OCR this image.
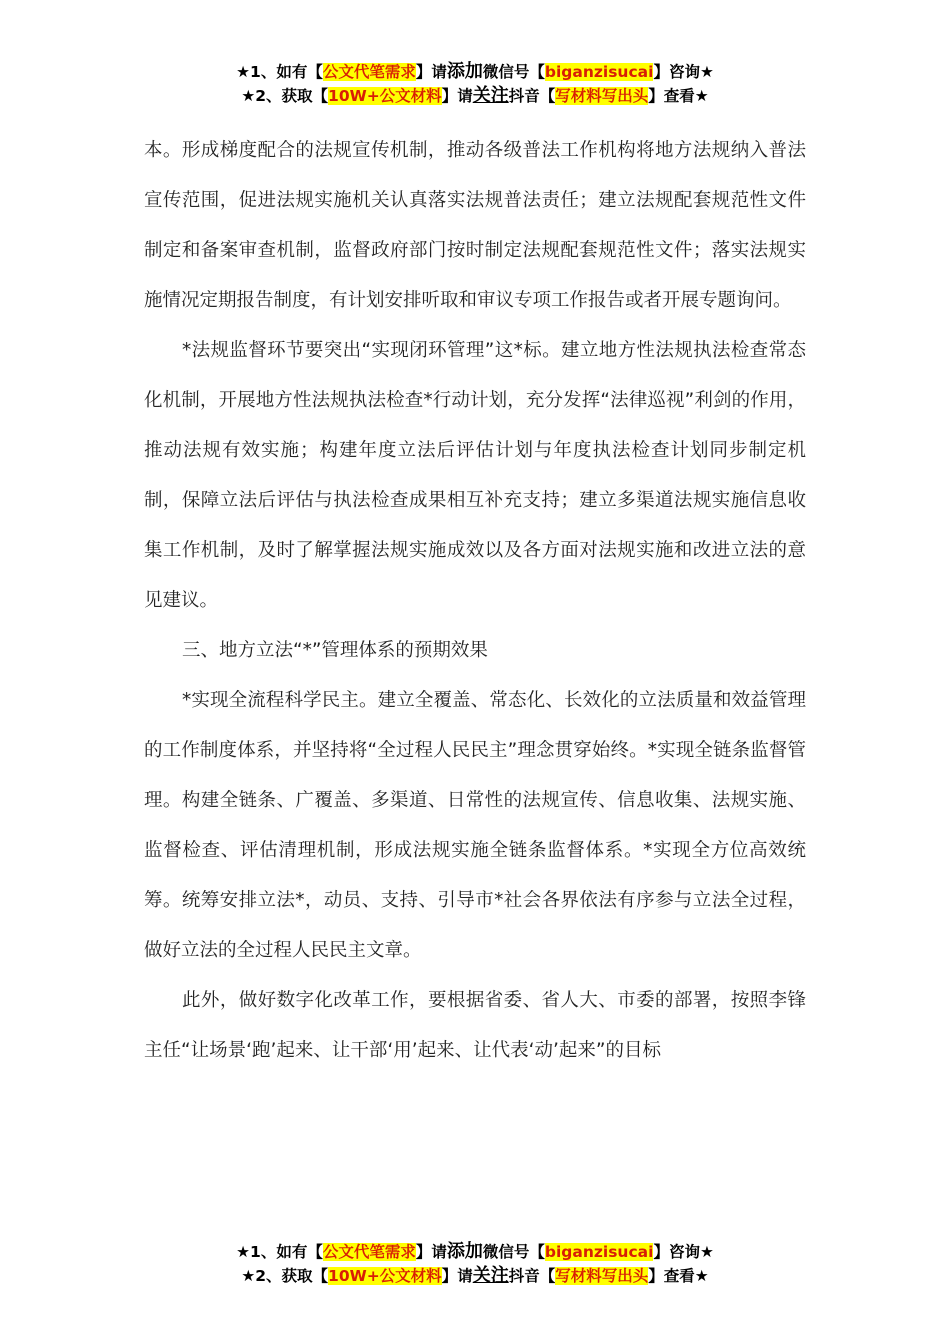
★1、如有【公文代笔需求】请添加微信号【biganzisucai】咨询★
★2、获取【10W+公文材料】请关注抖音【写材料写出头】查看★

本。形成梯度配合的法规宣传机制，推动各级普法工作机构将地方法规纳入普法宣传范围，促进法规实施机关认真落实法规普法责任；建立法规配套规范性文件制定和备案审查机制，监督政府部门按时制定法规配套规范性文件；落实法规实施情况定期报告制度，有计划安排听取和审议专项工作报告或者开展专题询问。

*法规监督环节要突出“实现闭环管理”这*标。建立地方性法规执法检查常态化机制，开展地方性法规执法检查*行动计划，充分发挥“法律巡视”利剑的作用，推动法规有效实施；构建年度立法后评估计划与年度执法检查计划同步制定机制，保障立法后评估与执法检查成果相互补充支持；建立多渠道法规实施信息收集工作机制，及时了解掌握法规实施成效以及各方面对法规实施和改进立法的意见建议。

三、地方立法“*”管理体系的预期效果

*实现全流程科学民主。建立全覆盖、常态化、长效化的立法质量和效益管理的工作制度体系，并坚持将“全过程人民民主”理念贯穿始终。*实现全链条监督管理。构建全链条、广覆盖、多渠道、日常性的法规宣传、信息收集、法规实施、监督检查、评估清理机制，形成法规实施全链条监督体系。*实现全方位高效统筹。统筹安排立法*，动员、支持、引导市*社会各界依法有序参与立法全过程，做好立法的全过程人民民主文章。

此外，做好数字化改革工作，要根据省委、省人大、市委的部署，按照李锋主任“让场景‘跑’起来、让干部‘用’起来、让代表‘动’起来”的目标

★1、如有【公文代笔需求】请添加微信号【biganzisucai】咨询★
★2、获取【10W+公文材料】请关注抖音【写材料写出头】查看★
